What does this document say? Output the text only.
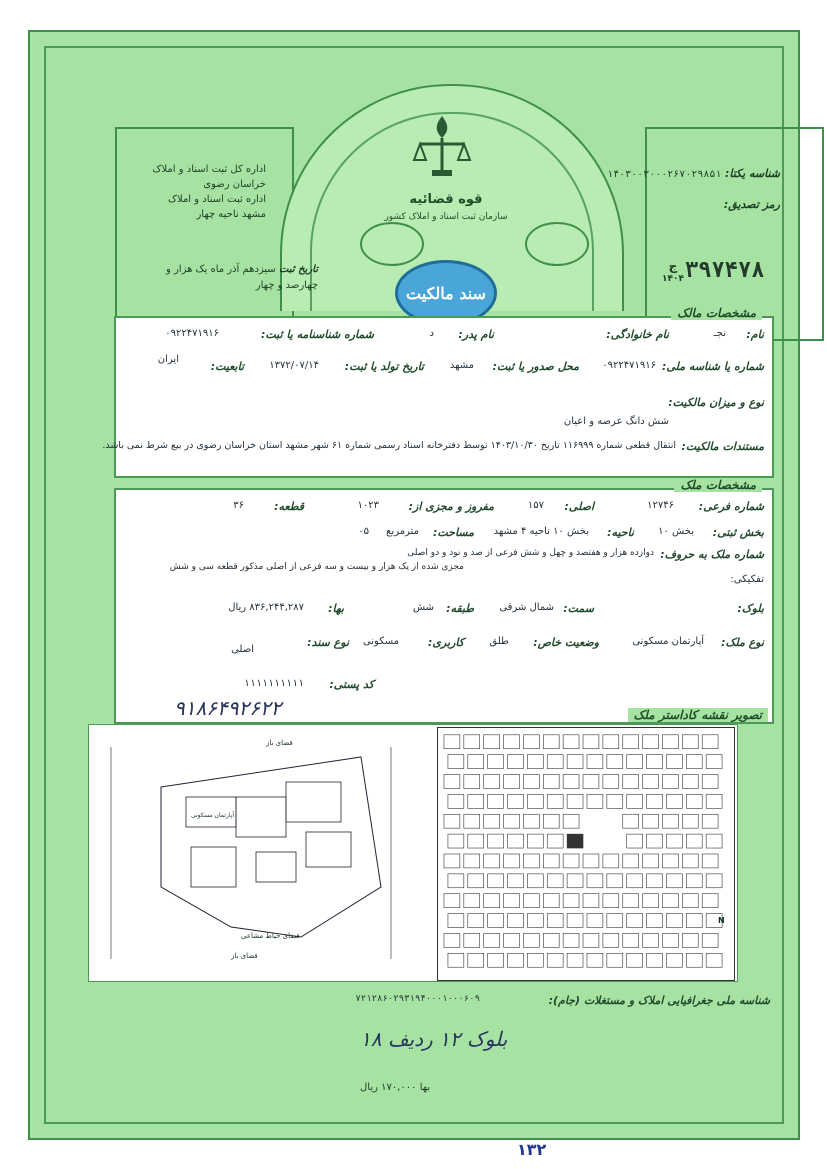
قوه قضائیه
سازمان ثبت اسناد و املاک کشور
سند مالکیت
اداره کل ثبت اسناد و املاک
خراسان رضوی
اداره ثبت اسناد و املاک
مشهد ناحیه چهار
تاریخ ثبت سیزدهم آذر ماه یک هزار و
چهارصد و چهار
شناسه یکتا: ۱۴۰۳۰۰۳۰۰۰۲۶۷۰۲۹۸۵۱
رمز تصدیق:
ج
۱۴۰۴ ۳۹۷۴۷۸
مشخصات مالک
نام:
نجـ
نام خانوادگی:
نام پدر:
د
شماره شناسنامه یا ثبت:
۰۹۲۲۴۷۱۹۱۶
شماره یا شناسه ملی:
۰۹۲۲۴۷۱۹۱۶
محل صدور یا ثبت:
مشهد
تاریخ تولد یا ثبت:
۱۳۷۲/۰۷/۱۴
تابعیت:
ایران
نوع و میزان مالکیت:
شش دانگ عرصه و اعیان
مستندات مالکیت:
انتقال قطعی شماره ۱۱۶۹۹۹ تاریخ ۱۴۰۳/۱۰/۳۰ توسط دفترخانه اسناد رسمی شماره ۶۱ شهر مشهد استان خراسان رضوی در بیع شرط نمی باشد.
مشخصات ملک
شماره فرعی:
۱۲۷۴۶
اصلی:
۱۵۷
مفروز و مجزی از:
۱۰۲۳
قطعه:
۳۶
بخش ثبتی:
بخش ۱۰
ناحیه:
بخش ۱۰ ناحیه ۴ مشهد
مساحت:
مترمربع
۰۵
شماره ملک به حروف:
دوازده هزار و هفتصد و چهل و شش فرعی از صد و نود و دو اصلی
مجزی شده از یک هزار و بیست و سه فرعی از اصلی مذکور قطعه سی و شش
تفکیکی:
بلوک:
سمت:
شمال شرقی
طبقه:
شش
بها:
۸۳۶,۲۴۴,۲۸۷ ریال
نوع ملک:
آپارتمان مسکونی
وضعیت خاص:
طلق
کاربری:
مسکونی
نوع سند:
اصلی
کد پستی:
۱۱۱۱۱۱۱۱۱۱
۹۱۸۶۴۹۲۶۲۲	تصویر نقشه کاداستر ملک
فضای باز
آپارتمان مسکونی
فضای باز
فضای حیاط مشاعی
N
شناسه ملی جغرافیایی املاک و مستغلات (جام):
۷۲۱۲۸۶۰۲۹۳۱۹۴۰۰۰۱۰۰۰۶۰۹
بلوک ۱۲ ردیف ۱۸
بها ۱۷۰,۰۰۰ ریال
۱۳۲
